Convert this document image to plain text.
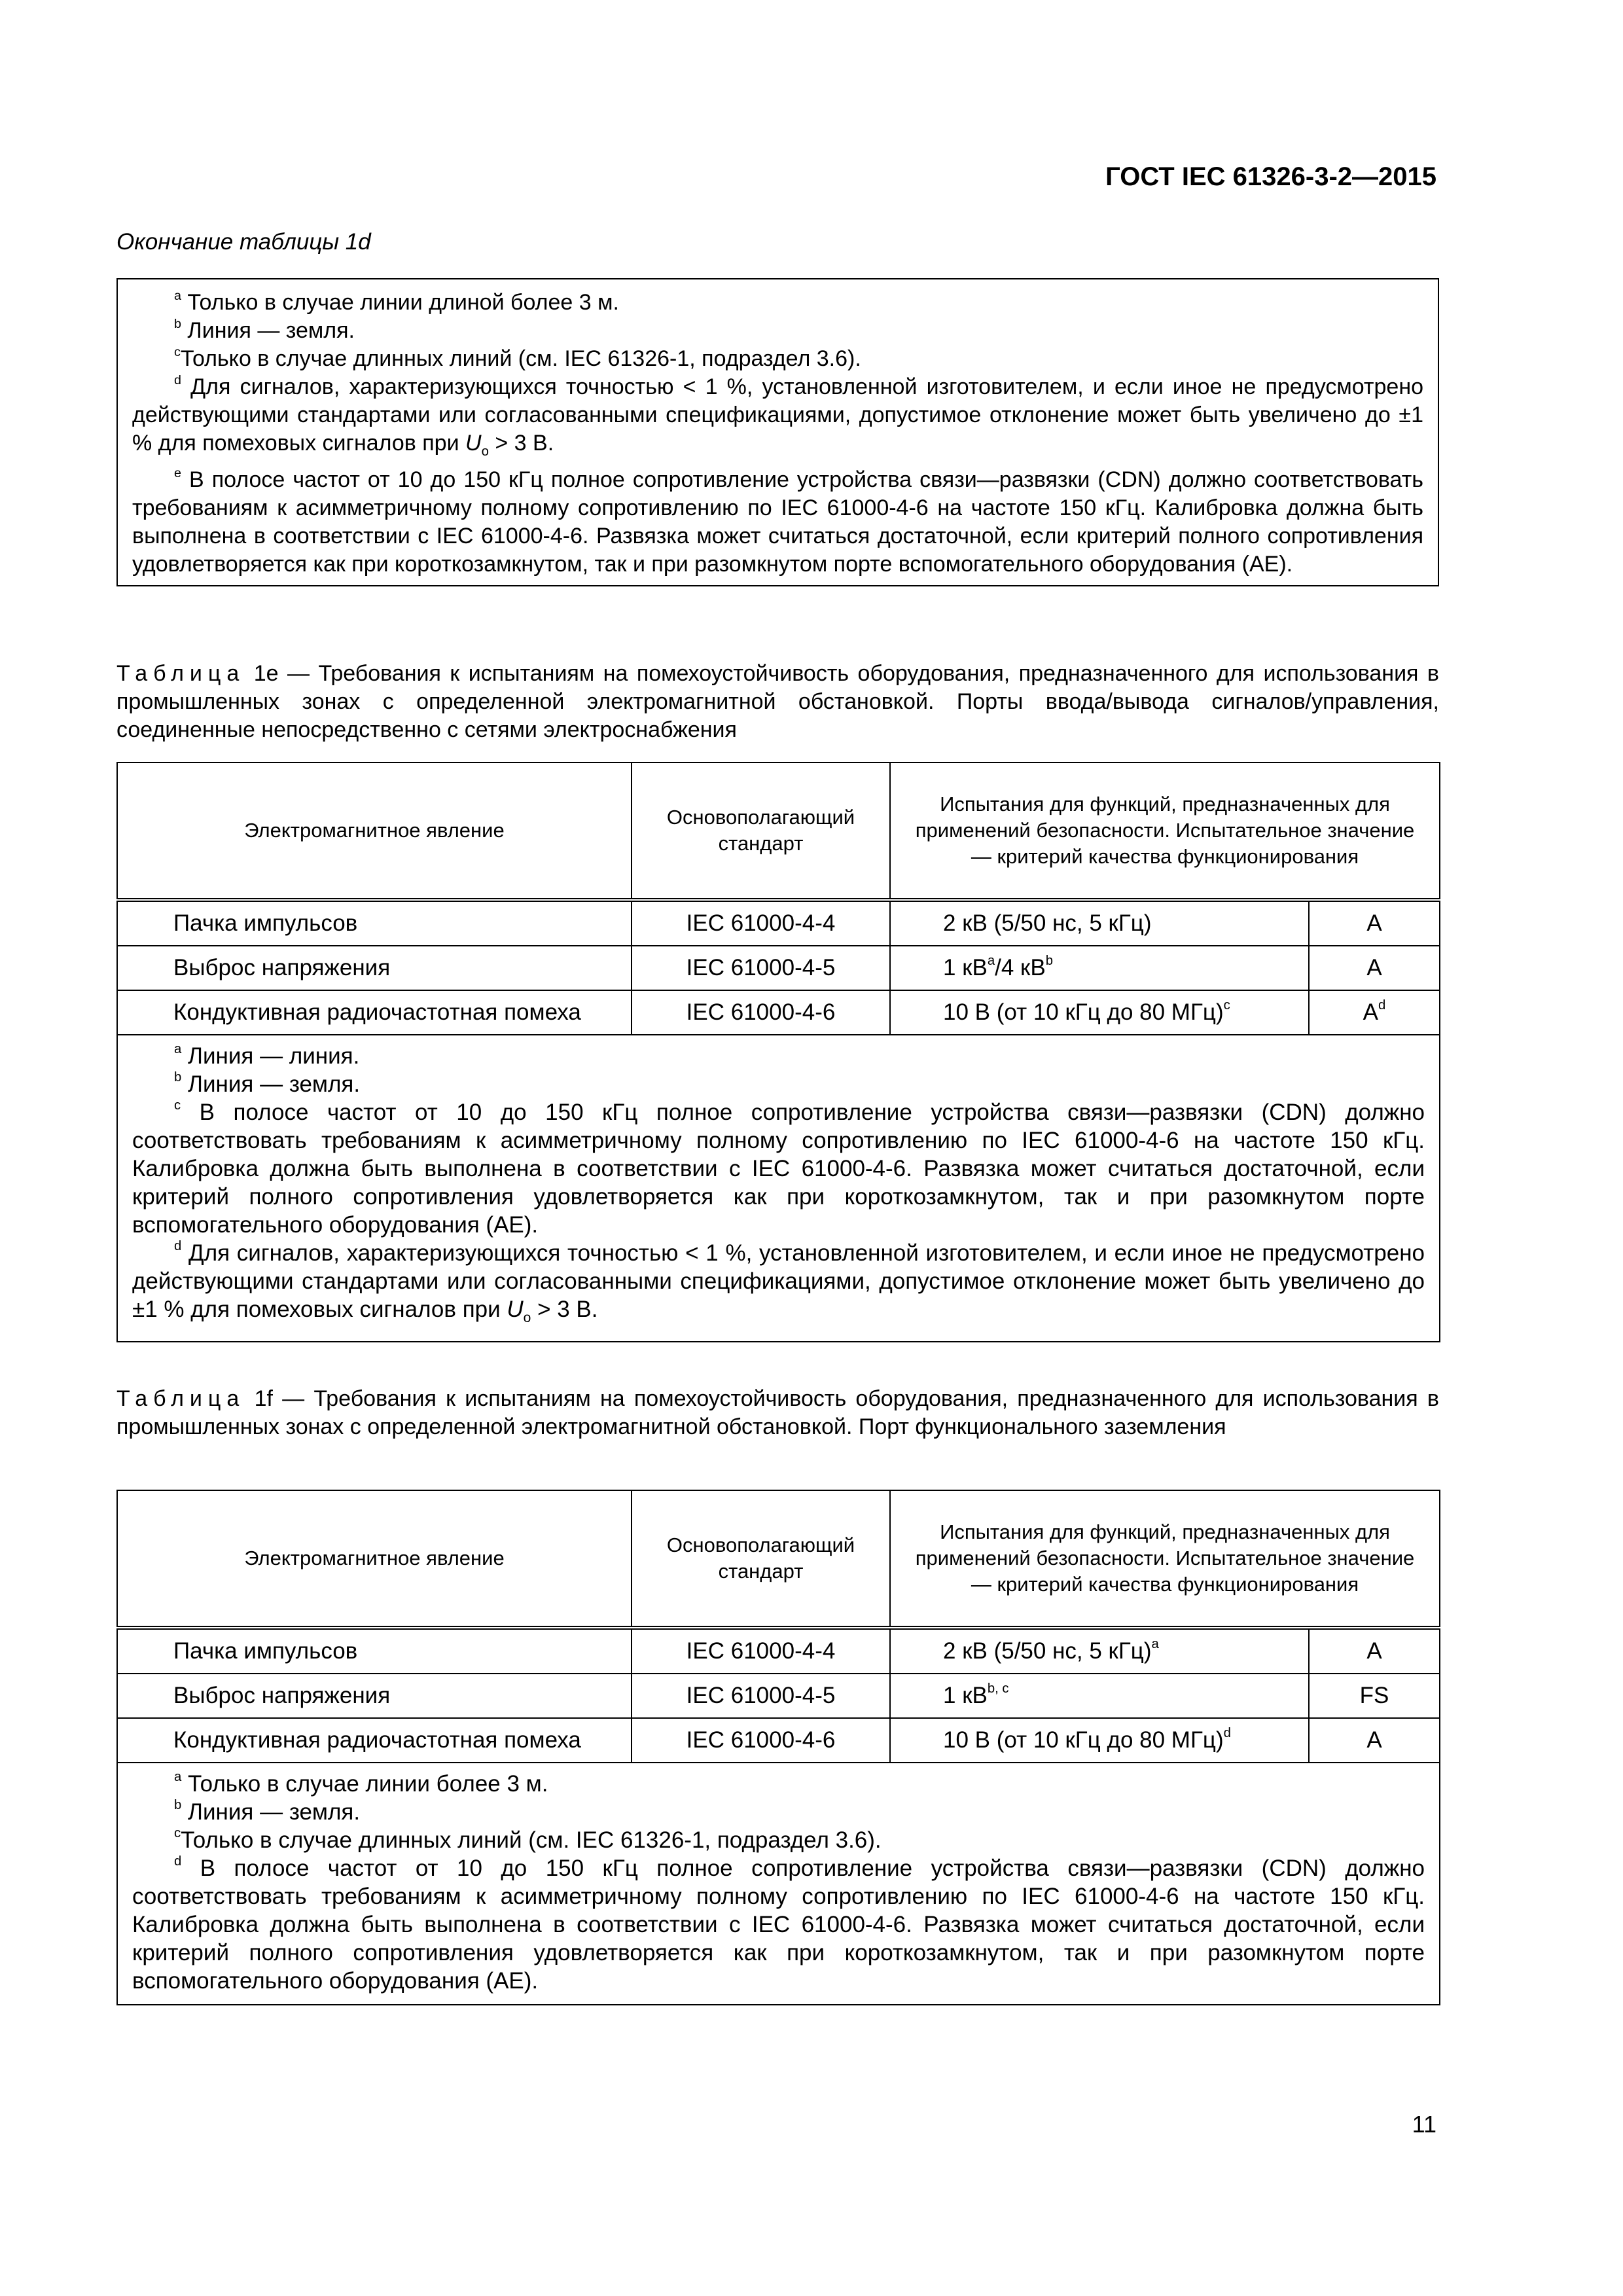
ГОСТ IEC 61326-3-2—2015
Окончание таблицы 1d

$^a$ Только в случае линии длиной более 3 м.

$^b$ Линия — земля.

$^c$Только в случае длинных линий (см. IEC 61326-1, подраздел 3.6).

$^d$ Для сигналов, характеризующихся точностью < 1 %, установленной изготовителем, и если иное не предусмотрено действующими стандартами или согласованными спецификациями, допустимое отклонение может быть увеличено до ±1 % для помеховых сигналов при $U_o > 3$ В.

$^e$ В полосе частот от 10 до 150 кГц полное сопротивление устройства связи—развязки (CDN) должно соответствовать требованиям к асимметричному полному сопротивлению по IEC 61000-4-6 на частоте 150 кГц. Калибровка должна быть выполнена в соответствии с IEC 61000-4-6. Развязка может считаться достаточной, если критерий полного сопротивления удовлетворяется как при короткозамкнутом, так и при разомкнутом порте вспомогательного оборудования (AE).

Таблица 1e — Требования к испытаниям на помехоустойчивость оборудования, предназначенного для использования в промышленных зонах с определенной электромагнитной обстановкой. Порты ввода/вывода сигналов/управления, соединенные непосредственно с сетями электроснабжения
Электромагнитное явление	Основополагающий стандарт	Испытания для функций, предназначенных для применений безопасности. Испытательное значение — критерий качества функционирования	
Пачка импульсов	IEC 61000-4-4	2 кВ (5/50 нс, 5 кГц)	A
Выброс напряжения	IEC 61000-4-5	1 $кВ^a/4$ $кВ^b$	A
Кондуктивная радиочастотная помеха	IEC 61000-4-6	10 В (от 10 кГц до 80 МГц)$^c$	$A^d$

$^a$ Линия — линия.

$^b$ Линия — земля.

$^c$ В полосе частот от 10 до 150 кГц полное сопротивление устройства связи—развязки (CDN) должно соответствовать требованиям к асимметричному полному сопротивлению по IEC 61000-4-6 на частоте 150 кГц. Калибровка должна быть выполнена в соответствии с IEC 61000-4-6. Развязка может считаться достаточной, если критерий полного сопротивления удовлетворяется как при короткозамкнутом, так и при разомкнутом порте вспомогательного оборудования (AE).

$^d$ Для сигналов, характеризующихся точностью < 1 %, установленной изготовителем, и если иное не предусмотрено действующими стандартами или согласованными спецификациями, допустимое отклонение может быть увеличено до ±1 % для помеховых сигналов при $U_o > 3$ В.			

Таблица 1f — Требования к испытаниям на помехоустойчивость оборудования, предназначенного для использования в промышленных зонах с определенной электромагнитной обстановкой. Порт функционального заземления
Электромагнитное явление	Основополагающий стандарт	Испытания для функций, предназначенных для применений безопасности. Испытательное значение — критерий качества функционирования	
Пачка импульсов	IEC 61000-4-4	2 кВ (5/50 нс, 5 кГц)$^a$	A
Выброс напряжения	IEC 61000-4-5	1 кВ$^{b, c}$	FS
Кондуктивная радиочастотная помеха	IEC 61000-4-6	10 В (от 10 кГц до 80 МГц)$^d$	A

$^a$ Только в случае линии более 3 м.

$^b$ Линия — земля.

$^c$Только в случае длинных линий (см. IEC 61326-1, подраздел 3.6).

$^d$ В полосе частот от 10 до 150 кГц полное сопротивление устройства связи—развязки (CDN) должно соответствовать требованиям к асимметричному полному сопротивлению по IEC 61000-4-6 на частоте 150 кГц. Калибровка должна быть выполнена в соответствии с IEC 61000-4-6. Развязка может считаться достаточной, если критерий полного сопротивления удовлетворяется как при короткозамкнутом, так и при разомкнутом порте вспомогательного оборудования (AE).			

11
